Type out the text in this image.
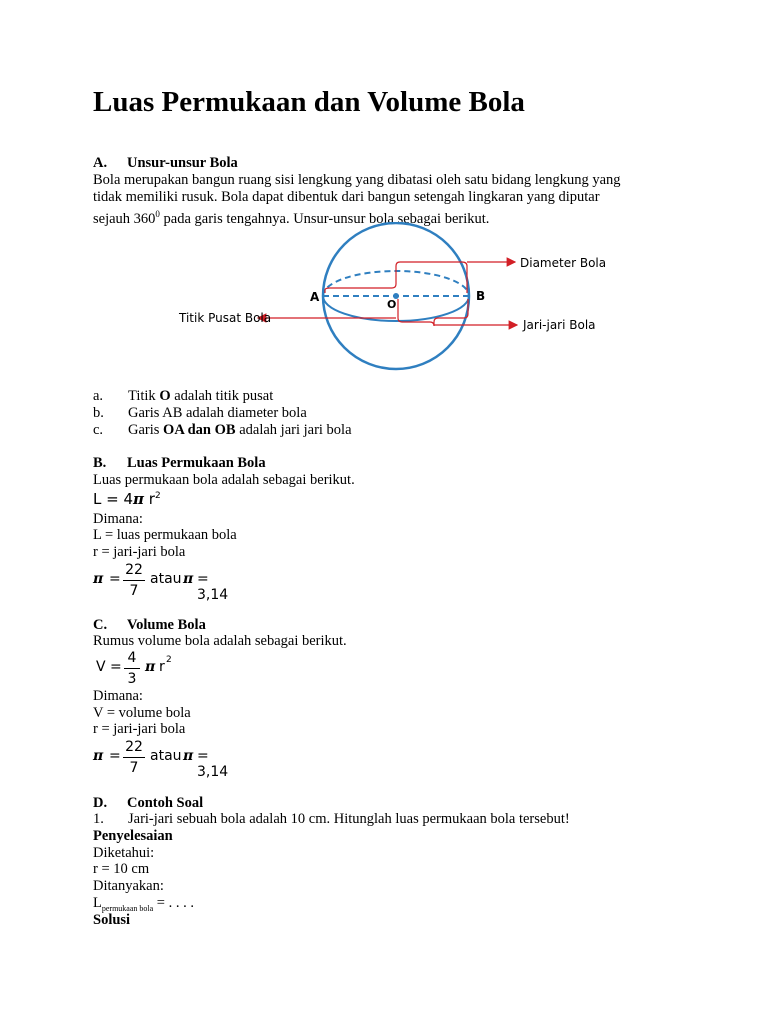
Luas Permukaan dan Volume Bola
A. Unsur-unsur Bola
Bola merupakan bangun ruang sisi lengkung yang dibatasi oleh satu bidang lengkung yang
tidak memiliki rusuk. Bola dapat dibentuk dari bangun setengah lingkaran yang diputar
sejauh $360^0$ pada garis tengahnya. Unsur-unsur bola sebagai berikut.
A	B
O
Diameter Bola
Jari-jari Bola
Titik Pusat Bola
a. Titik O adalah titik pusat
b. Garis AB adalah diameter bola
c. Garis OA dan OB adalah jari jari bola
B. Luas Permukaan Bola
Luas permukaan bola adalah sebagai berikut.
L = 4π $r^2$
Dimana:
L = luas permukaan bola
r = jari-jari bola
π =
22
7
atau π = 3,14
C. Volume Bola
Rumus volume bola adalah sebagai berikut.
V =
4
3
π r 2
Dimana:
V = volume bola
r = jari-jari bola
π =
22
7
atau π = 3,14
D. Contoh Soal
1. Jari-jari sebuah bola adalah 10 cm. Hitunglah luas permukaan bola tersebut!
Penyelesaian
Diketahui:
r = 10 cm
Ditanyakan:
$L_{permukaan bola}$ = . . . .
Solusi
